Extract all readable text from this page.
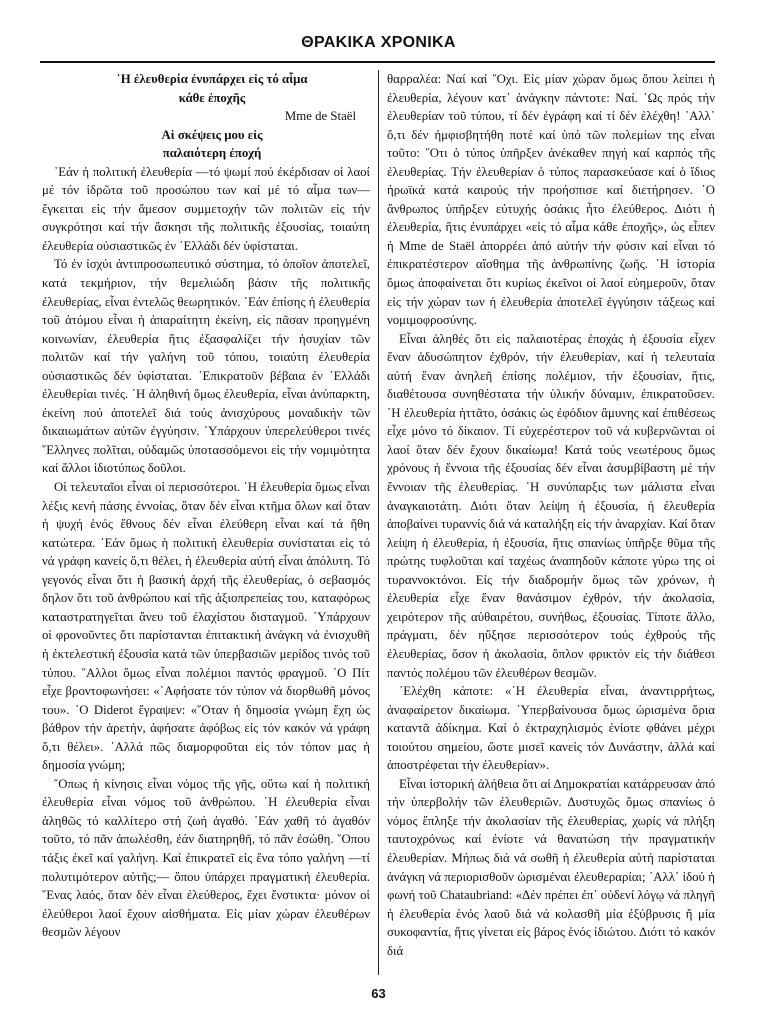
ΘΡΑΚΙΚΑ ΧΡΟΝΙΚΑ

῾Η ἐλευθερία ἐνυπάρχει εἰς τό αἷμα

κάθε ἐποχῆς

Mme de Staël

Αἱ σκέψεις μου εἰς

παλαιότερη ἐποχή

᾿Εάν ἡ πολιτική ἐλευθερία —τό ψωμί πού ἐκέρδισαν οἱ λαοί μέ τόν ἱδρῶτα τοῦ προσώπου των καί μέ τό αἷμα των— ἔγκειται εἰς τήν ἄμεσον συμμετοχήν τῶν πολιτῶν εἰς τήν συγκρότησι καί τήν ἄσκησι τῆς πολιτικῆς ἐξουσίας, τοιαύτη ἐλευθερία οὐσιαστικῶς ἐν ῾Ελλάδι δέν ὑφίσταται.

Τό ἐν ἰσχύι ἀντιπροσωπευτικό σύστημα, τό ὁποῖον ἀποτελεῖ, κατά τεκμήριον, τήν θεμελιώδη βάσιν τῆς πολιτικῆς ἐλευθερίας, εἶναι ἐντελῶς θεωρητικόν. ᾿Εάν ἐπίσης ἡ ἐλευθερία τοῦ ἀτόμου εἶναι ἡ ἀπαραίτητη ἐκείνη, εἰς πᾶσαν προηγμένη κοινωνίαν, ἐλευθερία ἥτις ἐξασφαλίζει τήν ἡσυχίαν τῶν πολιτῶν καί τήν γαλήνη τοῦ τόπου, τοιαύτη ἐλευθερία οὐσιαστικῶς δέν ὑφίσταται. ᾿Επικρατοῦν βέβαια ἐν ῾Ελλάδι ἐλευθερίαι τινές. ῾Η ἀληθινή ὅμως ἐλευθερία, εἶναι ἀνύπαρκτη, ἐκείνη πού ἀποτελεῖ διά τούς ἀνισχύρους μοναδικήν τῶν δικαιωμάτων αὐτῶν ἐγγύησιν. ῾Υπάρχουν ὑπερελεύθεροι τινές ῞Ελληνες πολῖται, οὐδαμῶς ὑποτασσόμενοι εἰς τήν νομιμότητα καί ἄλλοι ἰδιοτύπως δοῦλοι.

Οἱ τελευταῖοι εἶναι οἱ περισσότεροι. ῾Η ἐλευθερία ὅμως εἶναι λέξις κενή πάσης ἐννοίας, ὅταν δέν εἶναι κτῆμα ὅλων καί ὅταν ἡ ψυχή ἑνός ἔθνους δέν εἶναι ἐλεύθερη εἶναι καί τά ἤθη κατώτερα. ᾿Εάν ὅμως ἡ πολιτική ἐλευθερία συνίσταται εἰς τό νά γράφη κανείς ὅ,τι θέλει, ἡ ἐλευθερία αὐτή εἶναι ἀπόλυτη. Τό γεγονός εἶναι ὅτι ἡ βασική ἀρχή τῆς ἐλευθερίας, ὁ σεβασμός δηλον ὅτι τοῦ ἀνθρώπου καί τῆς ἀξιοπρεπείας του, καταφόρως καταστρατηγεῖται ἄνευ τοῦ ἐλαχίστου δισταγμοῦ. ῾Υπάρχουν οἱ φρονοῦντες ὅτι παρίστανται ἐπιτακτική ἀνάγκη νά ἐνισχυθῆ ἡ ἐκτελεστική ἐξουσία κατά τῶν ὑπερβασιῶν μερίδος τινός τοῦ τύπου. ῎Αλλοι ὅμως εἶναι πολέμιοι παντός φραγμοῦ. ῾Ο Πίτ εἶχε βροντοφωνήσει: «᾿Αφήσατε τόν τύπον νά διορθωθῆ μόνος του». ῾Ο Diderot ἔγραψεν: «῞Οταν ἡ δημοσία γνώμη ἔχη ὡς βάθρον τήν ἀρετήν, ἀφήσατε ἀφόβως εἰς τόν κακόν νά γράφη ὅ,τι θέλει». ᾿Αλλά πῶς διαμορφοῦται εἰς τόν τόπον μας ἡ δημοσία γνώμη;

῞Οπως ἡ κίνησις εἶναι νόμος τῆς γῆς, οὕτω καί ἡ πολιτική ἐλευθερία εἶναι νόμος τοῦ ἀνθρώπου. ῾Η ἐλευθερία εἶναι ἀληθῶς τό καλλίτερο στή ζωή ἀγαθό. ᾿Εάν χαθῆ τό ἀγαθόν τοῦτο, τό πᾶν ἀπωλέσθη, ἐάν διατηρηθῆ, τό πᾶν ἐσώθη. ῞Οπου τάξις ἐκεῖ καί γαλήνη. Καί ἐπικρατεῖ εἰς ἕνα τόπο γαλήνη —τί πολυτιμότερον αὐτῆς;— ὅπου ὑπάρχει πραγματική ἐλευθερία. ῞Ενας λαός, ὅταν δέν εἶναι ἐλεύθερος, ἔχει ἔνστικτα· μόνον οἱ ἐλεύθεροι λαοί ἔχουν αἰσθήματα. Εἰς μίαν χώραν ἐλευθέρων θεσμῶν λέγουν

θαρραλέα: Ναί καί ῎Οχι. Εἰς μίαν χώραν ὅμως ὅπου λείπει ἡ ἐλευθερία, λέγουν κατ᾿ ἀνάγκην πάντοτε: Ναί. ῾Ως πρός τήν ἐλευθερίαν τοῦ τύπου, τί δέν ἐγράφη καί τί δέν ἐλέχθη! ᾿Αλλ᾿ ὅ,τι δέν ἠμφισβητήθη ποτέ καί ὑπό τῶν πολεμίων της εἶναι τοῦτο: ῞Οτι ὁ τύπος ὑπῆρξεν ἀνέκαθεν πηγή καί καρπός τῆς ἐλευθερίας. Τήν ἐλευθερίαν ὁ τύπος παρασκεύασε καί ὁ ἴδιος ἡρωϊκά κατά καιρούς τήν προήσπισε καί διετήρησεν. ῾Ο ἄνθρωπος ὑπῆρξεν εὐτυχής ὁσάκις ἦτο ἐλεύθερος. Διότι ἡ ἐλευθερία, ἥτις ἐνυπάρχει «εἰς τό αἷμα κάθε ἐποχῆς», ὡς εἶπεν ἡ Mme de Staël ἀπορρέει ἀπό αὐτήν τήν φύσιν καί εἶναι τό ἐπικρατέστερον αἴσθημα τῆς ἀνθρωπίνης ζωῆς. ῾Η ἱστορία ὅμως ἀποφαίνεται ὅτι κυρίως ἐκεῖνοι οἱ λαοί εὐημεροῦν, ὅταν εἰς τήν χώραν των ἡ ἐλευθερία ἀποτελεῖ ἐγγύησιν τάξεως καί νομιμοφροσύνης.

Εἶναι ἀληθές ὅτι εἰς παλαιοτέρας ἐποχάς ἡ ἐξουσία εἶχεν ἕναν ἀδυσώπητον ἐχθρόν, τήν ἐλευθερίαν, καί ἡ τελευταία αὐτή ἕναν ἀνηλεῆ ἐπίσης πολέμιον, τήν ἐξουσίαν, ἥτις, διαθέτουσα συνηθέστατα τήν ὑλικήν δύναμιν, ἐπικρατοῦσεν. ῾Η ἐλευθερία ἡττᾶτο, ὁσάκις ὡς ἐφόδιον ἄμυνης καί ἐπιθέσεως εἶχε μόνο τό δίκαιον. Τί εὐχερέστερον τοῦ νά κυβερνῶνται οἱ λαοί ὅταν δέν ἔχουν δικαίωμα! Κατά τούς νεωτέρους ὅμως χρόνους ἡ ἔννοια τῆς ἐξουσίας δέν εἶναι ἀσυμβίβαστη μέ τήν ἔννοιαν τῆς ἐλευθερίας. ῾Η συνύπαρξις των μάλιστα εἶναι ἀναγκαιοτάτη. Διότι ὅταν λείψη ἡ ἐξουσία, ἡ ἐλευθερία ἀποβαίνει τυραννίς διά νά καταλήξη εἰς τήν ἀναρχίαν. Καί ὅταν λείψη ἡ ἐλευθερία, ἡ ἐξουσία, ἥτις σπανίως ὑπῆρξε θῦμα τῆς πρώτης τυφλοῦται καί ταχέως ἀναπηδοῦν κάποτε γύρω της οἱ τυραννοκτόνοι. Εἰς τήν διαδρομήν ὅμως τῶν χρόνων, ἡ ἐλευθερία εἶχε ἕναν θανάσιμον ἐχθρόν, τήν ἀκολασία, χειρότερον τῆς αὐθαιρέτου, συνήθως, ἐξουσίας. Τίποτε ἄλλο, πράγματι, δέν ηὔξησε περισσότερον τούς ἐχθρούς τῆς ἐλευθερίας, ὅσον ἡ ἀκολασία, ὅπλον φρικτόν εἰς τήν διάθεσι παντός πολέμου τῶν ἐλευθέρων θεσμῶν.

᾿Ελέχθη κάποτε: «῾Η ἐλευθερία εἶναι, ἀναντιρρήτως, ἀναφαίρετον δικαίωμα. ῾Υπερβαίνουσα ὅμως ὡρισμένα ὅρια καταντᾶ ἀδίκημα. Καί ὁ ἐκτραχηλισμός ἐνίοτε φθάνει μέχρι τοιούτου σημείου, ὥστε μισεῖ κανείς τόν Δυνάστην, ἀλλά καί ἀποστρέφεται τήν ἐλευθερίαν».

Εἶναι ἱστορική ἀλήθεια ὅτι αἱ Δημοκρατίαι κατάρρευσαν ἀπό τήν ὑπερβολήν τῶν ἐλευθεριῶν. Δυστυχῶς ὅμως σπανίως ὁ νόμος ἔπληξε τήν ἀκολασίαν τῆς ἐλευθερίας, χωρίς νά πλήξη ταυτοχρόνως καί ἐνίοτε νά θανατώση τήν πραγματικήν ἐλευθερίαν. Μήπως διά νά σωθῆ ἡ ἐλευθερία αὐτή παρίσταται ἀνάγκη νά περιορισθοῦν ὡρισμέναι ἐλευθεραρίαι; ᾿Αλλ᾿ ἰδού ἡ φωνή τοῦ Chataubriand: «Δέν πρέπει ἐπ᾿ οὐδενί λόγῳ νά πληγῆ ἡ ἐλευθερία ἑνός λαοῦ διά νά κολασθῆ μία ἐξύβρυσις ἤ μία συκοφαντία, ἥτις γίνεται εἰς βάρος ἑνός ἰδιώτου. Διότι τό κακόν διά

63
